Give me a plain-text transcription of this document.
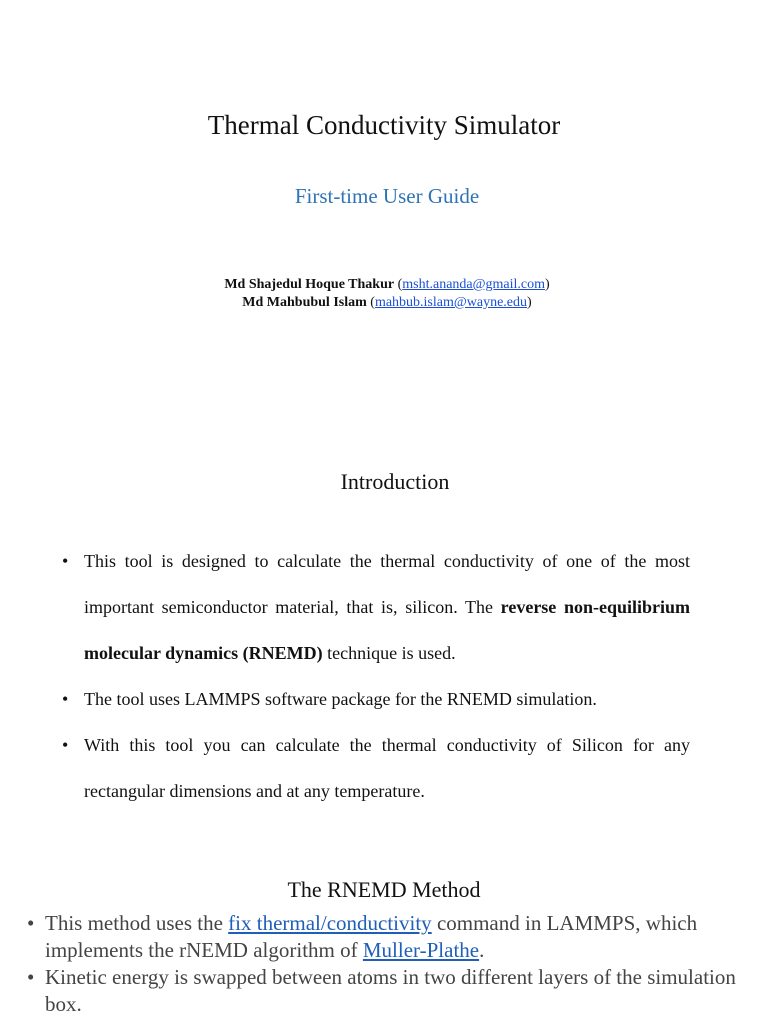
Thermal Conductivity Simulator
First-time User Guide
Md Shajedul Hoque Thakur (msht.ananda@gmail.com)
Md Mahbubul Islam (mahbub.islam@wayne.edu)
Introduction
• This tool is designed to calculate the thermal conductivity of one of the most important semiconductor material, that is, silicon. The reverse non-equilibrium molecular dynamics (RNEMD) technique is used.
• The tool uses LAMMPS software package for the RNEMD simulation.
• With this tool you can calculate the thermal conductivity of Silicon for any rectangular dimensions and at any temperature.
The RNEMD Method
• This method uses the fix thermal/conductivity command in LAMMPS, which implements the rNEMD algorithm of Muller-Plathe.
• Kinetic energy is swapped between atoms in two different layers of the simulation box.
